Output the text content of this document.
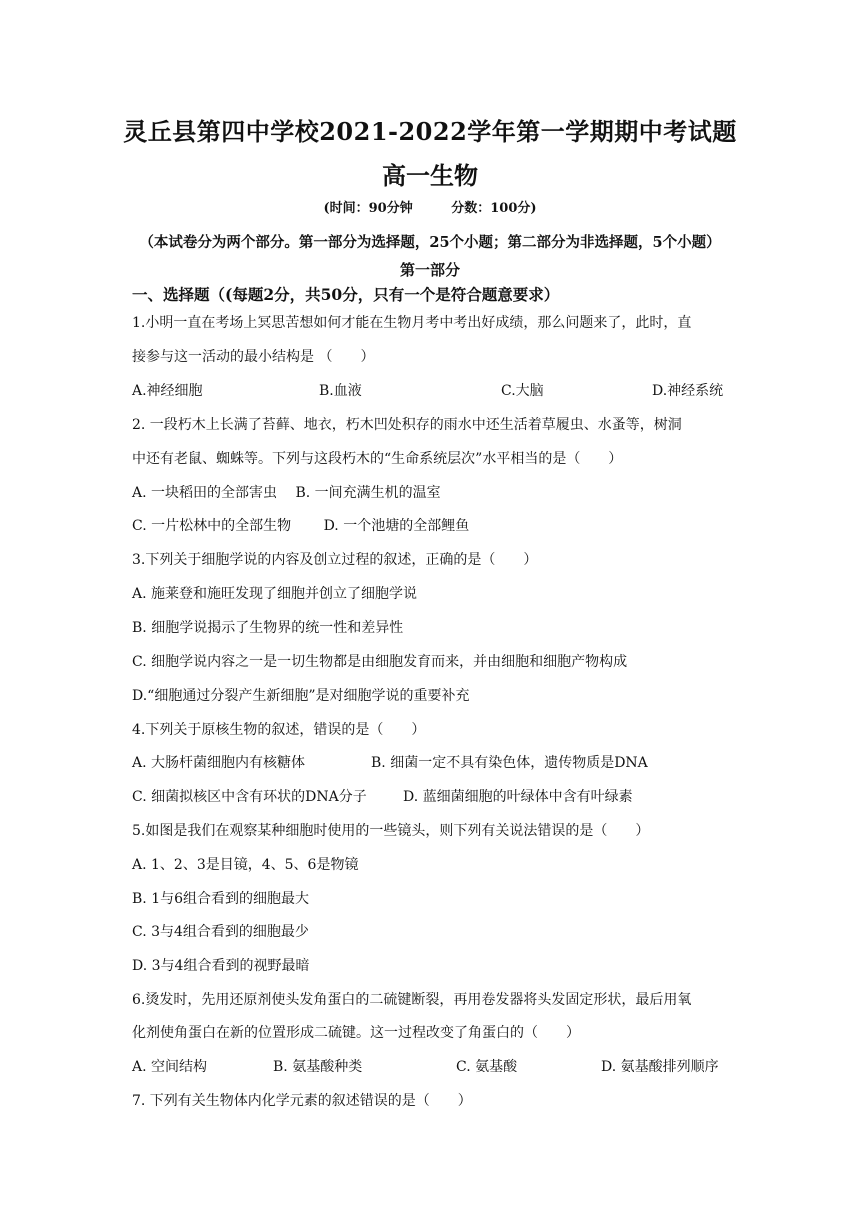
灵丘县第四中学校2021-2022学年第一学期期中考试题
高一生物
(时间：90分钟	分数：100分)
（本试卷分为两个部分。第一部分为选择题，25个小题；第二部分为非选择题，5个小题）
第一部分
一、选择题（(每题2分，共50分，只有一个是符合题意要求）
1.小明一直在考场上冥思苦想如何才能在生物月考中考出好成绩，那么问题来了，此时，直
接参与这一活动的最小结构是 （　　）
A.神经细胞	B.血液	C.大脑	D.神经系统
2. 一段朽木上长满了苔藓、地衣，朽木凹处积存的雨水中还生活着草履虫、水蚤等，树洞
中还有老鼠、蜘蛛等。下列与这段朽木的“生命系统层次”水平相当的是（　　）
A. 一块稻田的全部害虫　 B. 一间充满生机的温室
C. 一片松林中的全部生物　　 D. 一个池塘的全部鲤鱼
3.下列关于细胞学说的内容及创立过程的叙述，正确的是（　　）
A. 施莱登和施旺发现了细胞并创立了细胞学说
B. 细胞学说揭示了生物界的统一性和差异性
C. 细胞学说内容之一是一切生物都是由细胞发育而来，并由细胞和细胞产物构成
D.“细胞通过分裂产生新细胞”是对细胞学说的重要补充
4.下列关于原核生物的叙述，错误的是（　　）
A. 大肠杆菌细胞内有核糖体	B. 细菌一定不具有染色体，遗传物质是DNA
C. 细菌拟核区中含有环状的DNA分子	D. 蓝细菌细胞的叶绿体中含有叶绿素
5.如图是我们在观察某种细胞时使用的一些镜头，则下列有关说法错误的是（　　）
A. 1、2、3是目镜，4、5、6是物镜
B. 1与6组合看到的细胞最大
C. 3与4组合看到的细胞最少
D. 3与4组合看到的视野最暗
6.烫发时，先用还原剂使头发角蛋白的二硫键断裂，再用卷发器将头发固定形状，最后用氧
化剂使角蛋白在新的位置形成二硫键。这一过程改变了角蛋白的（　　）
A. 空间结构	B. 氨基酸种类	C. 氨基酸	D. 氨基酸排列顺序
7. 下列有关生物体内化学元素的叙述错误的是（　　）
